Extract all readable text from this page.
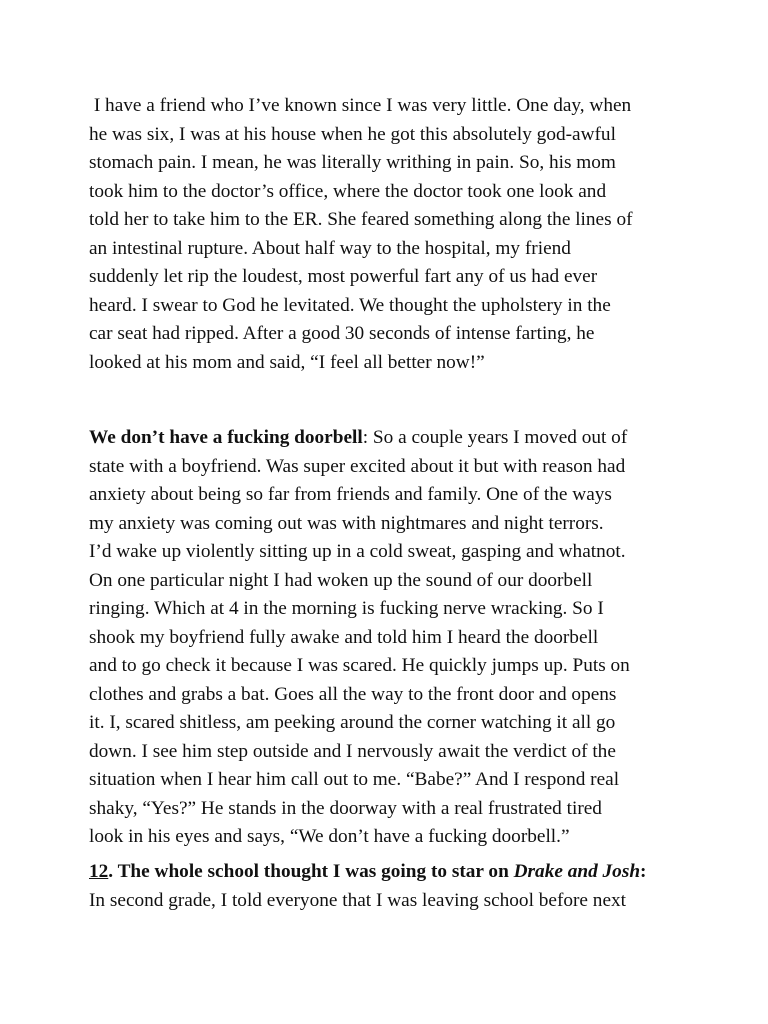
I have a friend who I’ve known since I was very little. One day, when
he was six, I was at his house when he got this absolutely god-awful
stomach pain. I mean, he was literally writhing in pain. So, his mom
took him to the doctor’s office, where the doctor took one look and
told her to take him to the ER. She feared something along the lines of
an intestinal rupture. About half way to the hospital, my friend
suddenly let rip the loudest, most powerful fart any of us had ever
heard. I swear to God he levitated. We thought the upholstery in the
car seat had ripped. After a good 30 seconds of intense farting, he
looked at his mom and said, “I feel all better now!”
We don’t have a fucking doorbell: So a couple years I moved out of
state with a boyfriend. Was super excited about it but with reason had
anxiety about being so far from friends and family. One of the ways
my anxiety was coming out was with nightmares and night terrors.
I’d wake up violently sitting up in a cold sweat, gasping and whatnot.
On one particular night I had woken up the sound of our doorbell
ringing. Which at 4 in the morning is fucking nerve wracking. So I
shook my boyfriend fully awake and told him I heard the doorbell
and to go check it because I was scared. He quickly jumps up. Puts on
clothes and grabs a bat. Goes all the way to the front door and opens
it. I, scared shitless, am peeking around the corner watching it all go
down. I see him step outside and I nervously await the verdict of the
situation when I hear him call out to me. “Babe?” And I respond real
shaky, “Yes?” He stands in the doorway with a real frustrated tired
look in his eyes and says, “We don’t have a fucking doorbell.”
12. The whole school thought I was going to star on Drake and Josh:
In second grade, I told everyone that I was leaving school before next
